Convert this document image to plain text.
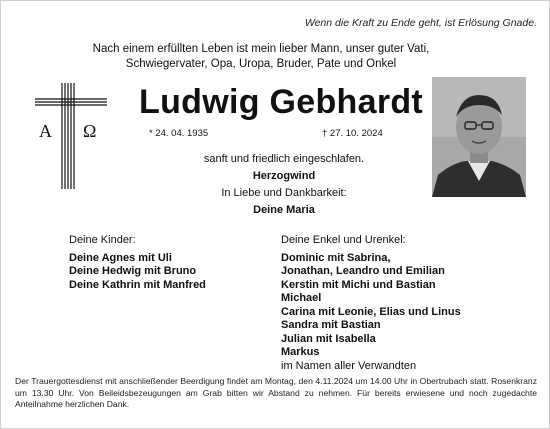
Wenn die Kraft zu Ende geht, ist Erlösung Gnade.
Nach einem erfüllten Leben ist mein lieber Mann, unser guter Vati,
Schwiegervater, Opa, Uropa, Bruder, Pate und Onkel
A Ω
Ludwig Gebhardt
* 24. 04. 1935	† 27. 10. 2024
sanft und friedlich eingeschlafen.
Herzogwind
In Liebe und Dankbarkeit:
Deine Maria
Deine Kinder:
Deine Agnes mit Uli
Deine Hedwig mit Bruno
Deine Kathrin mit Manfred
Deine Enkel und Urenkel:
Dominic mit Sabrina,
Jonathan, Leandro und Emilian
Kerstin mit Michi und Bastian
Michael
Carina mit Leonie, Elias und Linus
Sandra mit Bastian
Julian mit Isabella
Markus
im Namen aller Verwandten
Der Trauergottesdienst mit anschließender Beerdigung findet am Montag, den 4.11.2024 um 14.00 Uhr in Obertrubach statt. Rosenkranz um 13.30 Uhr. Von Beileidsbezeugungen am Grab bitten wir Abstand zu nehmen. Für bereits erwiesene und noch zugedachte Anteilnahme herzlichen Dank.
